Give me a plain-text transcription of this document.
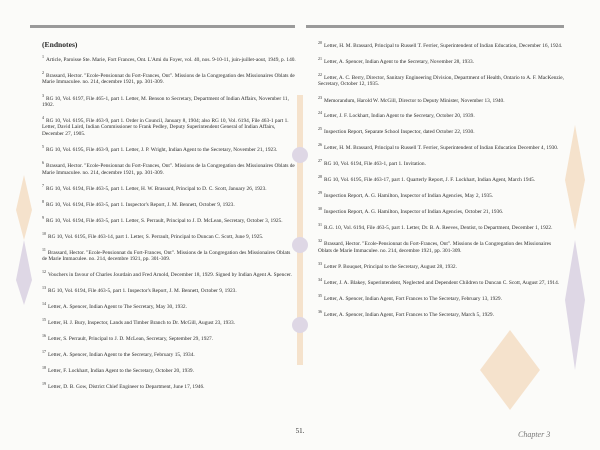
(Endnotes)
$^1$Article, Paroisse Ste. Marie, Fort Frances, Ont. L'Ami du Foyer, vol. 40, nos. 9-10-11, juin-juillet-aout, 1949, p. 140.
$^2$Brassard, Hector. "Ecole-Pensionnat du Fort-Frances, Ont". Missions de la Congregation des Missionaires Oblats de Marie Immaculee. no. 214, decembre 1921, pp. 301-309.
$^3$RG 10, Vol. 6197, File 465-1, part 1. Letter, M. Benson to Secretary, Department of Indian Affairs, November 11, 1902.
$^4$RG 10, Vol. 6195, File 463-9, part 1. Order in Council, January 8, 1904; also RG 10, Vol. 6194, File 463-1 part 1. Letter, David Laird, Indian Commissioner to Frank Pedley, Deputy Superintendent General of Indian Affairs, December 27, 1905.
$^5$RG 10, Vol. 6195, File 463-9, part 1. Letter, J. P. Wright, Indian Agent to the Secretary, November 21, 1923.
$^6$Brassard, Hector. "Ecole-Pensionnat du Fort-Frances, Ont". Missions de la Congregation des Missionaires Oblats de Marie Immaculee. no. 214, decembre 1921, pp. 301-309.
$^7$RG 10, Vol. 6194, File 463-5, part 1. Letter, H. W. Brassard, Principal to D. C. Scott, January 26, 1923.
$^8$RG 10, Vol. 6194, File 463-5, part 1. Inspector's Report, J. M. Bennett, October 9, 1923.
$^9$RG 10, Vol. 6194, File 463-5, part 1. Letter, S. Perrault, Principal to J. D. McLean, Secretary, October 3, 1925.
$^{10}$RG 10, Vol. 6195, File 463-14, part 1. Letter, S. Perrault, Principal to Duncan C. Scott, June 9, 1925.
$^{11}$Brassard, Hector. "Ecole-Pensionnat du Fort-Frances, Ont". Missions de la Congregation des Missionaires Oblats de Marie Immaculee. no. 214, decembre 1921, pp. 301-309.
$^{12}$Vouchers in favour of Charles Jourdain and Fred Arnold, December 18, 1929. Signed by Indian Agent A. Spencer.
$^{13}$RG 10, Vol. 6194, File 463-5, part 1. Inspector's Report, J. M. Bennett, October 9, 1923.
$^{14}$Letter, A. Spencer, Indian Agent to The Secretary, May 30, 1932.
$^{15}$Letter, H. J. Bury, Inspector, Lands and Timber Branch to Dr. McGill, August 23, 1933.
$^{16}$Letter, S. Perrault, Principal to J. D. McLean, Secretary, September 29, 1927.
$^{17}$Letter, A. Spencer, Indian Agent to the Secretary, February 15, 1934.
$^{18}$Letter, F. Lockhart, Indian Agent to the Secretary, October 20, 1939.
$^{19}$Letter, D. B. Gow, District Chief Engineer to Department, June 17, 1946.
$^{20}$Letter, H. M. Brassard, Principal to Russell T. Ferrier, Superintendent of Indian Education, December 16, 1924.
$^{21}$Letter, A. Spencer, Indian Agent to the Secretary, November 28, 1933.
$^{22}$Letter, A. C. Berry, Director, Sanitary Engineering Division, Department of Health, Ontario to A. F. MacKenzie, Secretary, October 12, 1935.
$^{23}$Memorandum, Harold W. McGill, Director to Deputy Minister, November 13, 1940.
$^{24}$Letter, J. F. Lockhart, Indian Agent to the Secretary, October 20, 1939.
$^{25}$Inspection Report, Separate School Inspector, dated October 22, 1930.
$^{26}$Letter, H. M. Brassard, Principal to Russell T. Ferrier, Superintendent of Indian Education December 4, 1930.
$^{27}$RG 10, Vol. 6194, File 463-1, part 1. Invitation.
$^{28}$RG 10, Vol. 6195, File 463-17, part 1. Quarterly Report, J. F. Lockhart, Indian Agent, March 1945.
$^{29}$Inspection Report, A. G. Hamilton, Inspector of Indian Agencies, May 2, 1935.
$^{30}$Inspection Report, A. G. Hamilton, Inspector of Indian Agencies, October 21, 1936.
$^{31}$R.G. 10, Vol. 6194, File 463-5, part 1. Letter, Dr. B. A. Reeves, Dentist, to Department, December 1, 1922.
$^{32}$Brassard, Hector. "Ecole-Pensionnat du Fort-Frances, Ont". Missions de la Congregation des Missionaires Oblats de Marie Immaculee. no. 214, decembre 1921, pp. 301-309.
$^{33}$Letter P. Bouquet, Principal to the Secretary, August 28, 1932.
$^{34}$Letter, J. A. Blakey, Superintendent, Neglected and Dependent Children to Duncan C. Scott, August 27, 1914.
$^{35}$Letter, A. Spencer, Indian Agent, Fort Frances to The Secretary, February 13, 1929.
$^{36}$Letter, A. Spencer, Indian Agent, Fort Frances to The Secretary, March 5, 1929.
51.	Chapter 3
